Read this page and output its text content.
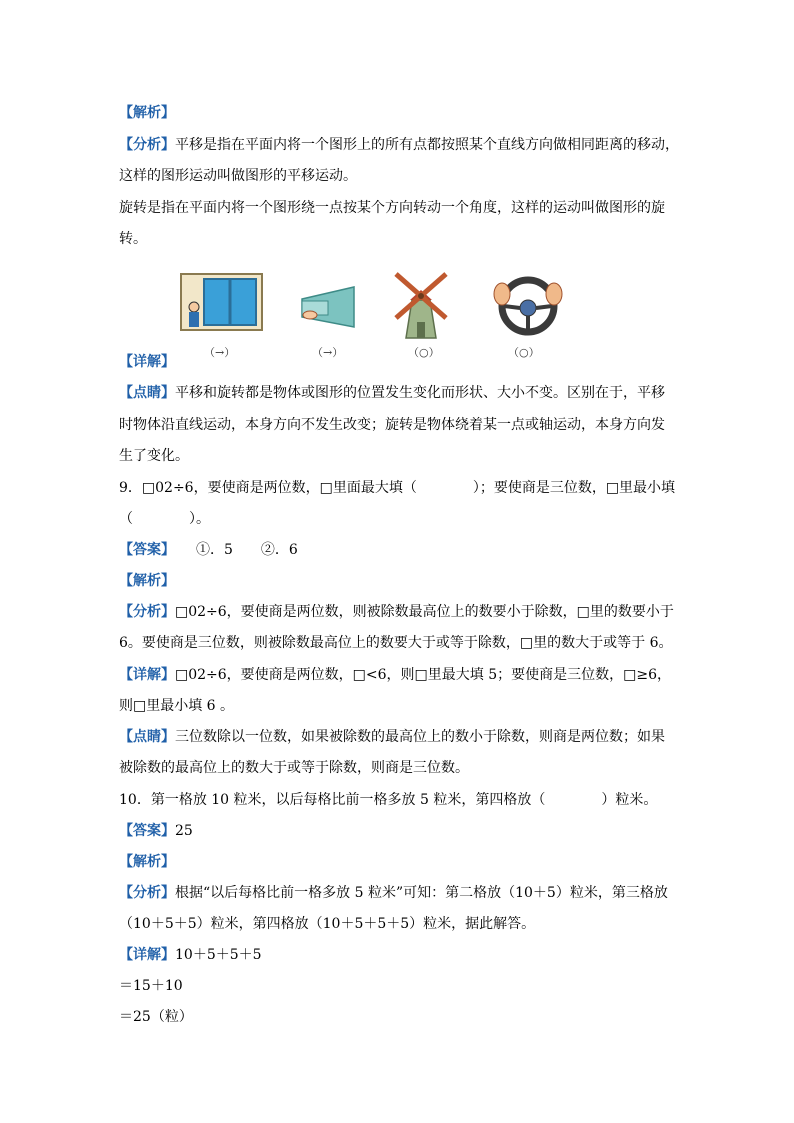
【解析】
【分析】平移是指在平面内将一个图形上的所有点都按照某个直线方向做相同距离的移动，
这样的图形运动叫做图形的平移运动。
旋转是指在平面内将一个图形绕一点按某个方向转动一个角度，这样的运动叫做图形的旋
转。
（→）	（→）	（○）	（○）
【详解】
【点睛】平移和旋转都是物体或图形的位置发生变化而形状、大小不变。区别在于，平移
时物体沿直线运动，本身方向不发生改变；旋转是物体绕着某一点或轴运动，本身方向发
生了变化。
9．□02÷6，要使商是两位数，□里面最大填（　　　　）；要使商是三位数，□里最小填
（　　　　）。
【答案】　　①．5　　②．6
【解析】
【分析】□02÷6，要使商是两位数，则被除数最高位上的数要小于除数，□里的数要小于
6。要使商是三位数，则被除数最高位上的数要大于或等于除数，□里的数大于或等于 6。
【详解】□02÷6，要使商是两位数，□<6，则□里最大填 5；要使商是三位数，□≥6，
则□里最小填 6 。
【点睛】三位数除以一位数，如果被除数的最高位上的数小于除数，则商是两位数；如果
被除数的最高位上的数大于或等于除数，则商是三位数。
10．第一格放 10 粒米，以后每格比前一格多放 5 粒米，第四格放（　　　　）粒米。
【答案】25
【解析】
【分析】根据“以后每格比前一格多放 5 粒米”可知：第二格放（10＋5）粒米，第三格放
（10＋5＋5）粒米，第四格放（10＋5＋5＋5）粒米，据此解答。
【详解】10＋5＋5＋5
＝15＋10
＝25（粒）
